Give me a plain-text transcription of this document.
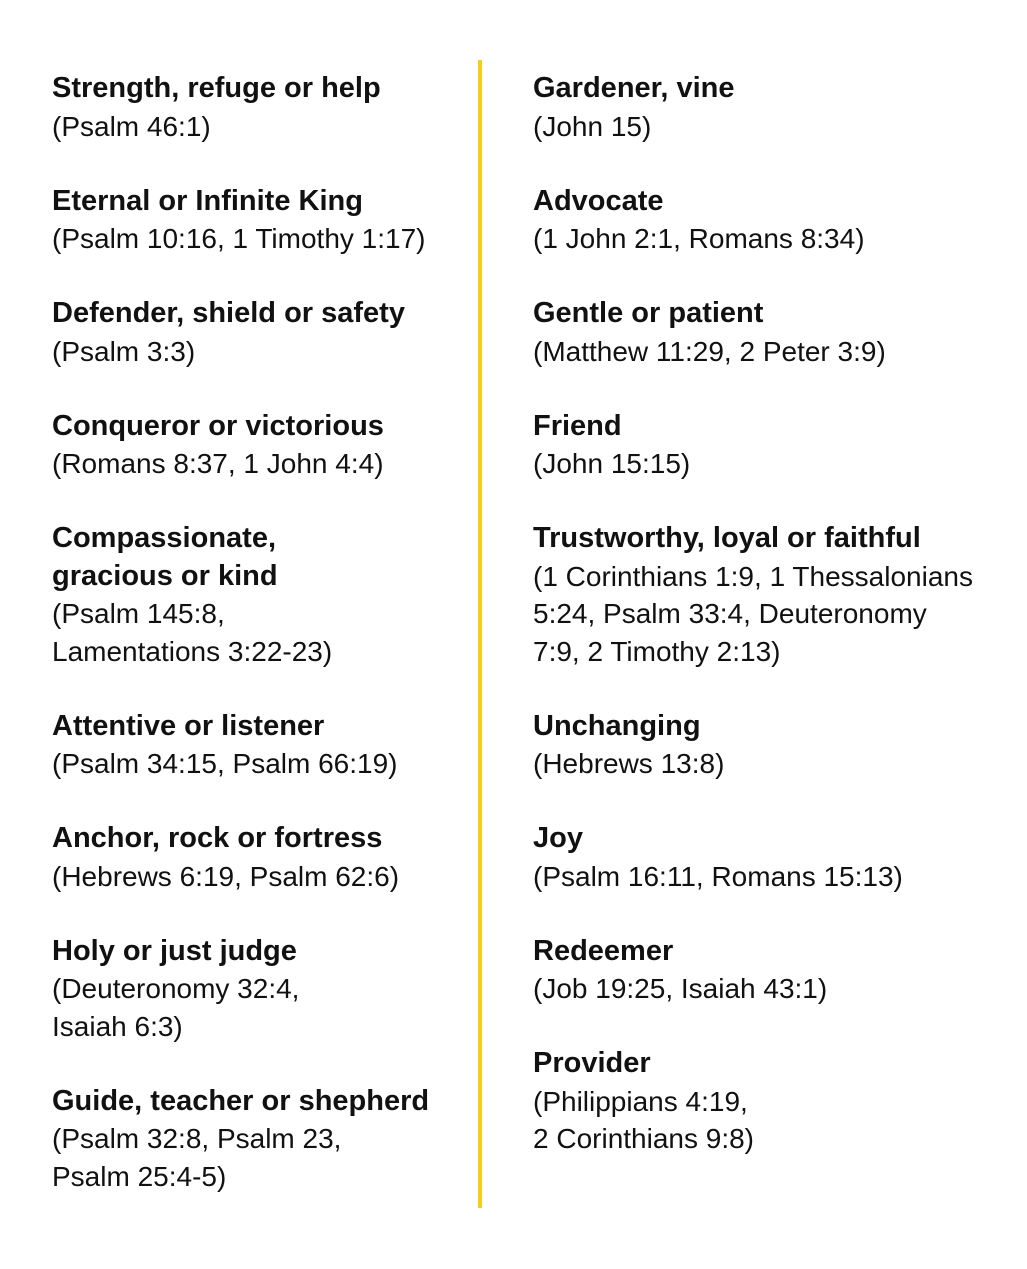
Strength, refuge or help
(Psalm 46:1)
Eternal or Infinite King
(Psalm 10:16, 1 Timothy 1:17)
Defender, shield or safety
(Psalm 3:3)
Conqueror or victorious
(Romans 8:37, 1 John 4:4)
Compassionate,
gracious or kind
(Psalm 145:8,
Lamentations 3:22-23)
Attentive or listener
(Psalm 34:15, Psalm 66:19)
Anchor, rock or fortress
(Hebrews 6:19, Psalm 62:6)
Holy or just judge
(Deuteronomy 32:4,
Isaiah 6:3)
Guide, teacher or shepherd
(Psalm 32:8, Psalm 23,
Psalm 25:4-5)
Gardener, vine
(John 15)
Advocate
(1 John 2:1, Romans 8:34)
Gentle or patient
(Matthew 11:29, 2 Peter 3:9)
Friend
(John 15:15)
Trustworthy, loyal or faithful
(1 Corinthians 1:9, 1 Thessalonians
5:24, Psalm 33:4, Deuteronomy
7:9, 2 Timothy 2:13)
Unchanging
(Hebrews 13:8)
Joy
(Psalm 16:11, Romans 15:13)
Redeemer
(Job 19:25, Isaiah 43:1)
Provider
(Philippians 4:19,
2 Corinthians 9:8)
